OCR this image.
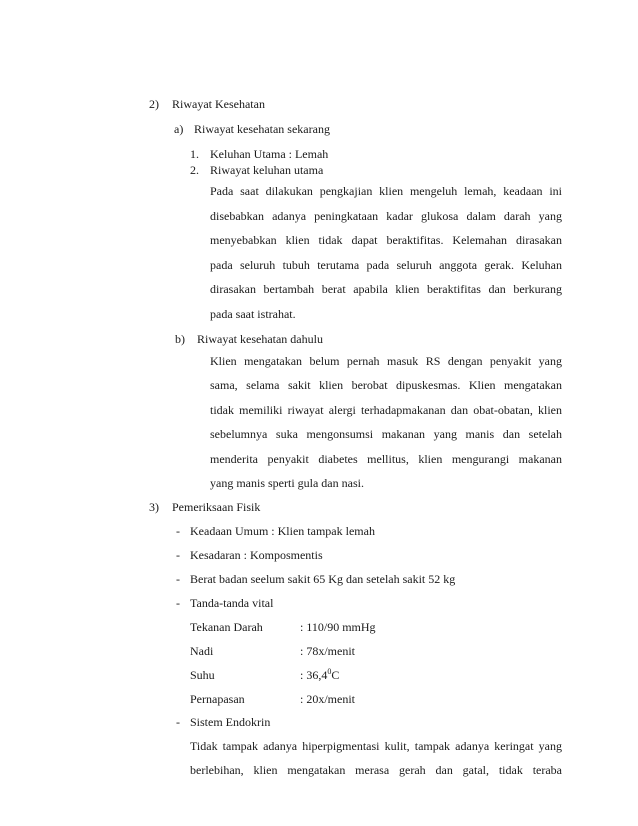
2) Riwayat Kesehatan
a) Riwayat kesehatan sekarang
1. Keluhan Utama : Lemah
2. Riwayat keluhan utama
Pada saat dilakukan pengkajian klien mengeluh lemah, keadaan ini
disebabkan adanya peningkataan kadar glukosa dalam darah yang
menyebabkan klien tidak dapat beraktifitas. Kelemahan dirasakan
pada seluruh tubuh terutama pada seluruh anggota gerak. Keluhan
dirasakan bertambah berat apabila klien beraktifitas dan berkurang
pada saat istrahat.
b) Riwayat kesehatan dahulu
Klien mengatakan belum pernah masuk RS dengan penyakit yang
sama, selama sakit klien berobat dipuskesmas. Klien mengatakan
tidak memiliki riwayat alergi terhadapmakanan dan obat-obatan, klien
sebelumnya suka mengonsumsi makanan yang manis dan setelah
menderita penyakit diabetes mellitus, klien mengurangi makanan
yang manis sperti gula dan nasi.
3) Pemeriksaan Fisik
- Keadaan Umum : Klien tampak lemah
- Kesadaran : Komposmentis
- Berat badan seelum sakit 65 Kg dan setelah sakit 52 kg
- Tanda-tanda vital
Tekanan Darah	: 110/90 mmHg
Nadi	: 78x/menit
Suhu	: 36,4$^0$C
Pernapasan	: 20x/menit
- Sistem Endokrin
Tidak tampak adanya hiperpigmentasi kulit, tampak adanya keringat yang
berlebihan, klien mengatakan merasa gerah dan gatal, tidak teraba
